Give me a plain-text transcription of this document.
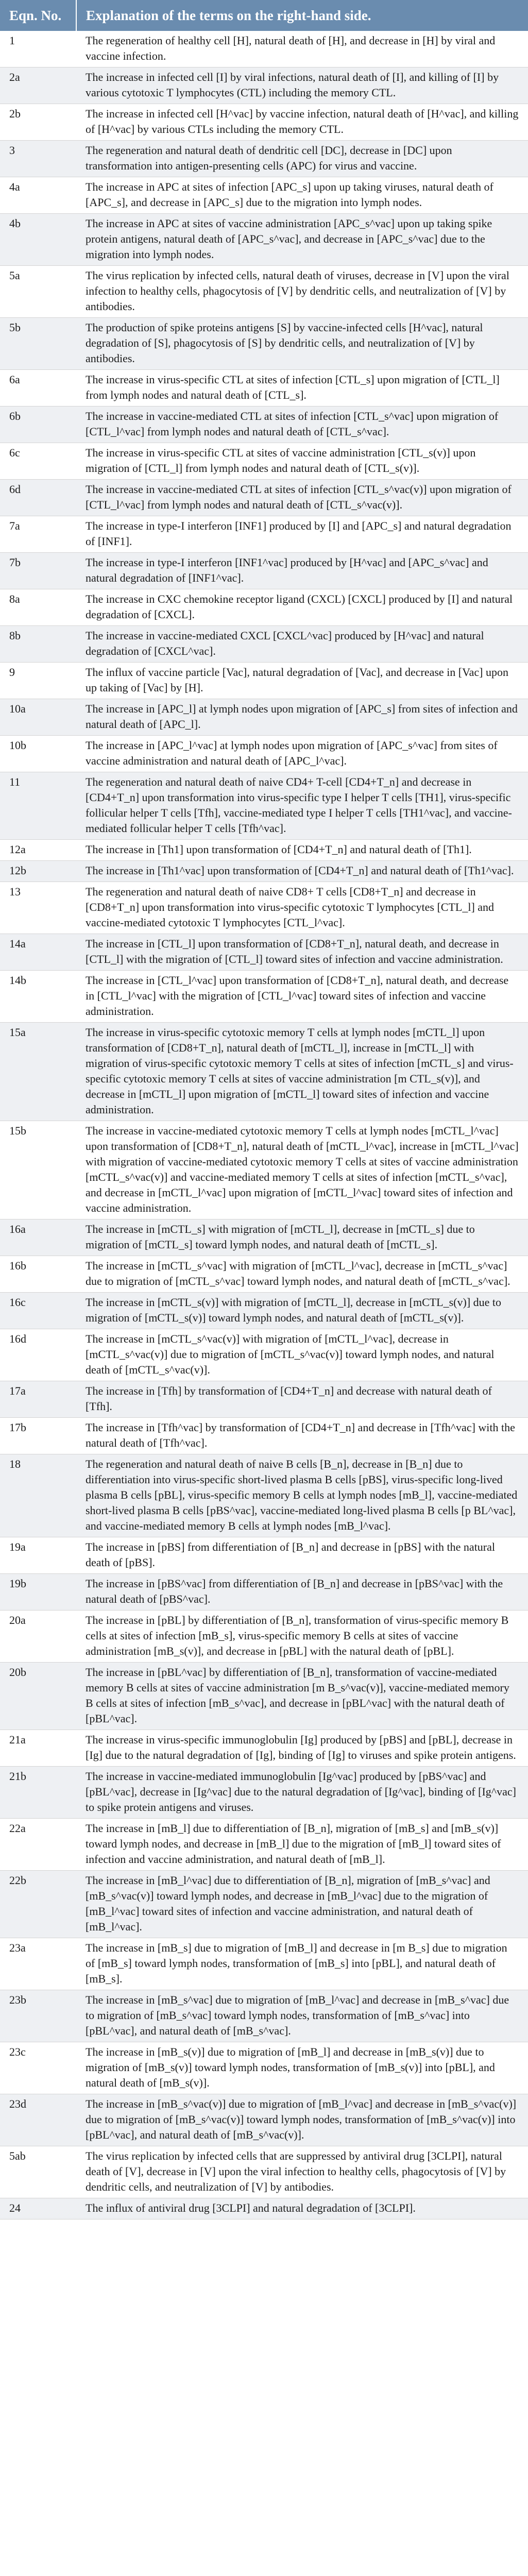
Eqn. No.	Explanation of the terms on the right-hand side.
1	The regeneration of healthy cell [H], natural death of [H], and decrease in [H] by viral and vaccine infection.
2a	The increase in infected cell [I] by viral infections, natural death of [I], and killing of [I] by various cytotoxic T lymphocytes (CTL) including the memory CTL.
2b	The increase in infected cell [H^vac] by vaccine infection, natural death of [H^vac], and killing of [H^vac] by various CTLs including the memory CTL.
3	The regeneration and natural death of dendritic cell [DC], decrease in [DC] upon transformation into antigen-presenting cells (APC) for virus and vaccine.
4a	The increase in APC at sites of infection [APC_s] upon up taking viruses, natural death of [APC_s], and decrease in [APC_s] due to the migration into lymph nodes.
4b	The increase in APC at sites of vaccine administration [APC_s^vac] upon up taking spike protein antigens, natural death of [APC_s^vac], and decrease in [APC_s^vac] due to the migration into lymph nodes.
5a	The virus replication by infected cells, natural death of viruses, decrease in [V] upon the viral infection to healthy cells, phagocytosis of [V] by dendritic cells, and neutralization of [V] by antibodies.
5b	The production of spike proteins antigens [S] by vaccine-infected cells [H^vac], natural degradation of [S], phagocytosis of [S] by dendritic cells, and neutralization of [V] by antibodies.
6a	The increase in virus-specific CTL at sites of infection [CTL_s] upon migration of [CTL_l] from lymph nodes and natural death of [CTL_s].
6b	The increase in vaccine-mediated CTL at sites of infection [CTL_s^vac] upon migration of [CTL_l^vac] from lymph nodes and natural death of [CTL_s^vac].
6c	The increase in virus-specific CTL at sites of vaccine administration [CTL_s(v)] upon migration of [CTL_l] from lymph nodes and natural death of [CTL_s(v)].
6d	The increase in vaccine-mediated CTL at sites of infection [CTL_s^vac(v)] upon migration of [CTL_l^vac] from lymph nodes and natural death of [CTL_s^vac(v)].
7a	The increase in type-I interferon [INF1] produced by [I] and [APC_s] and natural degradation of [INF1].
7b	The increase in type-I interferon [INF1^vac] produced by [H^vac] and [APC_s^vac] and natural degradation of [INF1^vac].
8a	The increase in CXC chemokine receptor ligand (CXCL) [CXCL] produced by [I] and natural degradation of [CXCL].
8b	The increase in vaccine-mediated CXCL [CXCL^vac] produced by [H^vac] and natural degradation of [CXCL^vac].
9	The influx of vaccine particle [Vac], natural degradation of [Vac], and decrease in [Vac] upon up taking of [Vac] by [H].
10a	The increase in [APC_l] at lymph nodes upon migration of [APC_s] from sites of infection and natural death of [APC_l].
10b	The increase in [APC_l^vac] at lymph nodes upon migration of [APC_s^vac] from sites of vaccine administration and natural death of [APC_l^vac].
11	The regeneration and natural death of naive CD4+ T-cell [CD4+T_n] and decrease in [CD4+T_n] upon transformation into virus-specific type I helper T cells [TH1], virus-specific follicular helper T cells [Tfh], vaccine-mediated type I helper T cells [TH1^vac], and vaccine-mediated follicular helper T cells [Tfh^vac].
12a	The increase in [Th1] upon transformation of [CD4+T_n] and natural death of [Th1].
12b	The increase in [Th1^vac] upon transformation of [CD4+T_n] and natural death of [Th1^vac].
13	The regeneration and natural death of naive CD8+ T cells [CD8+T_n] and decrease in [CD8+T_n] upon transformation into virus-specific cytotoxic T lymphocytes [CTL_l] and vaccine-mediated cytotoxic T lymphocytes [CTL_l^vac].
14a	The increase in [CTL_l] upon transformation of [CD8+T_n], natural death, and decrease in [CTL_l] with the migration of [CTL_l] toward sites of infection and vaccine administration.
14b	The increase in [CTL_l^vac] upon transformation of [CD8+T_n], natural death, and decrease in [CTL_l^vac] with the migration of [CTL_l^vac] toward sites of infection and vaccine administration.
15a	The increase in virus-specific cytotoxic memory T cells at lymph nodes [mCTL_l] upon transformation of [CD8+T_n], natural death of [mCTL_l], increase in [mCTL_l] with migration of virus-specific cytotoxic memory T cells at sites of infection [mCTL_s] and virus-specific cytotoxic memory T cells at sites of vaccine administration [m CTL_s(v)], and decrease in [mCTL_l] upon migration of [mCTL_l] toward sites of infection and vaccine administration.
15b	The increase in vaccine-mediated cytotoxic memory T cells at lymph nodes [mCTL_l^vac] upon transformation of [CD8+T_n], natural death of [mCTL_l^vac], increase in [mCTL_l^vac] with migration of vaccine-mediated cytotoxic memory T cells at sites of vaccine administration [mCTL_s^vac(v)] and vaccine-mediated memory T cells at sites of infection [mCTL_s^vac], and decrease in [mCTL_l^vac] upon migration of [mCTL_l^vac] toward sites of infection and vaccine administration.
16a	The increase in [mCTL_s] with migration of [mCTL_l], decrease in [mCTL_s] due to migration of [mCTL_s] toward lymph nodes, and natural death of [mCTL_s].
16b	The increase in [mCTL_s^vac] with migration of [mCTL_l^vac], decrease in [mCTL_s^vac] due to migration of [mCTL_s^vac] toward lymph nodes, and natural death of [mCTL_s^vac].
16c	The increase in [mCTL_s(v)] with migration of [mCTL_l], decrease in [mCTL_s(v)] due to migration of [mCTL_s(v)] toward lymph nodes, and natural death of [mCTL_s(v)].
16d	The increase in [mCTL_s^vac(v)] with migration of [mCTL_l^vac], decrease in [mCTL_s^vac(v)] due to migration of [mCTL_s^vac(v)] toward lymph nodes, and natural death of [mCTL_s^vac(v)].
17a	The increase in [Tfh] by transformation of [CD4+T_n] and decrease with natural death of [Tfh].
17b	The increase in [Tfh^vac] by transformation of [CD4+T_n] and decrease in [Tfh^vac] with the natural death of [Tfh^vac].
18	The regeneration and natural death of naive B cells [B_n], decrease in [B_n] due to differentiation into virus-specific short-lived plasma B cells [pBS], virus-specific long-lived plasma B cells [pBL], virus-specific memory B cells at lymph nodes [mB_l], vaccine-mediated short-lived plasma B cells [pBS^vac], vaccine-mediated long-lived plasma B cells [p BL^vac], and vaccine-mediated memory B cells at lymph nodes [mB_l^vac].
19a	The increase in [pBS] from differentiation of [B_n] and decrease in [pBS] with the natural death of [pBS].
19b	The increase in [pBS^vac] from differentiation of [B_n] and decrease in [pBS^vac] with the natural death of [pBS^vac].
20a	The increase in [pBL] by differentiation of [B_n], transformation of virus-specific memory B cells at sites of infection [mB_s], virus-specific memory B cells at sites of vaccine administration [mB_s(v)], and decrease in [pBL] with the natural death of [pBL].
20b	The increase in [pBL^vac] by differentiation of [B_n], transformation of vaccine-mediated memory B cells at sites of vaccine administration [m B_s^vac(v)], vaccine-mediated memory B cells at sites of infection [mB_s^vac], and decrease in [pBL^vac] with the natural death of [pBL^vac].
21a	The increase in virus-specific immunoglobulin [Ig] produced by [pBS] and [pBL], decrease in [Ig] due to the natural degradation of [Ig], binding of [Ig] to viruses and spike protein antigens.
21b	The increase in vaccine-mediated immunoglobulin [Ig^vac] produced by [pBS^vac] and [pBL^vac], decrease in [Ig^vac] due to the natural degradation of [Ig^vac], binding of [Ig^vac] to spike protein antigens and viruses.
22a	The increase in [mB_l] due to differentiation of [B_n], migration of [mB_s] and [mB_s(v)] toward lymph nodes, and decrease in [mB_l] due to the migration of [mB_l] toward sites of infection and vaccine administration, and natural death of [mB_l].
22b	The increase in [mB_l^vac] due to differentiation of [B_n], migration of [mB_s^vac] and [mB_s^vac(v)] toward lymph nodes, and decrease in [mB_l^vac] due to the migration of [mB_l^vac] toward sites of infection and vaccine administration, and natural death of [mB_l^vac].
23a	The increase in [mB_s] due to migration of [mB_l] and decrease in [m B_s] due to migration of [mB_s] toward lymph nodes, transformation of [mB_s] into [pBL], and natural death of [mB_s].
23b	The increase in [mB_s^vac] due to migration of [mB_l^vac] and decrease in [mB_s^vac] due to migration of [mB_s^vac] toward lymph nodes, transformation of [mB_s^vac] into [pBL^vac], and natural death of [mB_s^vac].
23c	The increase in [mB_s(v)] due to migration of [mB_l] and decrease in [mB_s(v)] due to migration of [mB_s(v)] toward lymph nodes, transformation of [mB_s(v)] into [pBL], and natural death of [mB_s(v)].
23d	The increase in [mB_s^vac(v)] due to migration of [mB_l^vac] and decrease in [mB_s^vac(v)] due to migration of [mB_s^vac(v)] toward lymph nodes, transformation of [mB_s^vac(v)] into [pBL^vac], and natural death of [mB_s^vac(v)].
5ab	The virus replication by infected cells that are suppressed by antiviral drug [3CLPI], natural death of [V], decrease in [V] upon the viral infection to healthy cells, phagocytosis of [V] by dendritic cells, and neutralization of [V] by antibodies.
24	The influx of antiviral drug [3CLPI] and natural degradation of [3CLPI].
